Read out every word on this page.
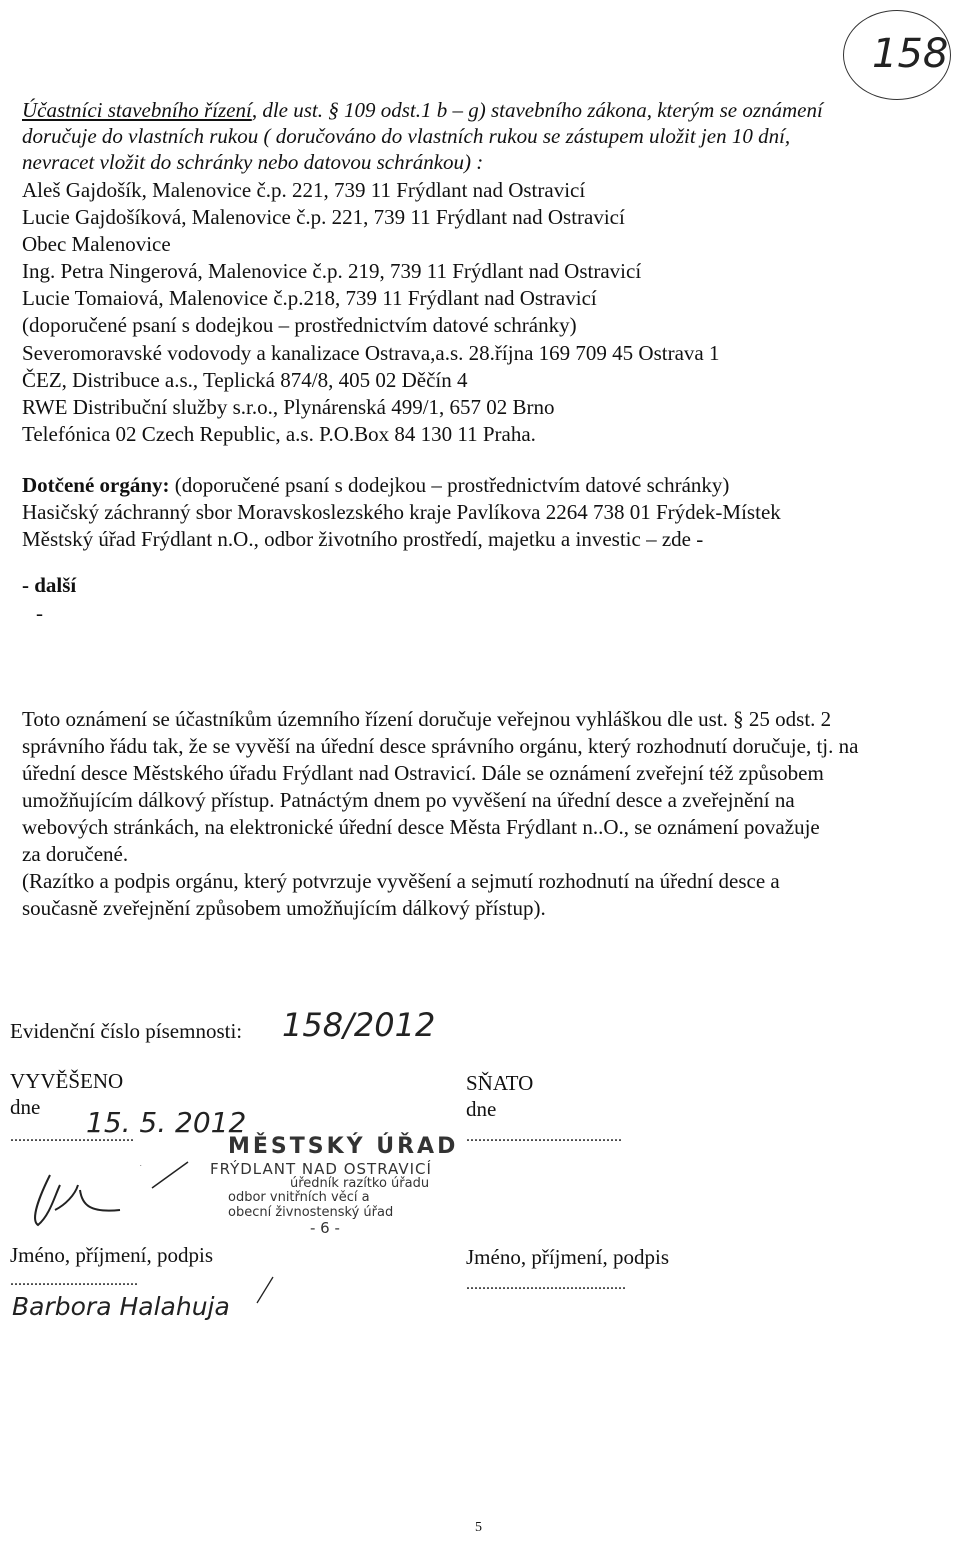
158
Účastníci stavebního řízení, dle ust. § 109 odst.1 b – g) stavebního zákona, kterým se oznámení
doručuje do vlastních rukou ( doručováno do vlastních rukou se zástupem uložit jen 10 dní,
nevracet vložit do schránky nebo datovou schránkou) :
Aleš Gajdošík, Malenovice č.p. 221, 739 11 Frýdlant nad Ostravicí
Lucie Gajdošíková, Malenovice č.p. 221, 739 11 Frýdlant nad Ostravicí
Obec Malenovice
Ing. Petra Ningerová, Malenovice č.p. 219, 739 11 Frýdlant nad Ostravicí
Lucie Tomaiová, Malenovice č.p.218, 739 11 Frýdlant nad Ostravicí
(doporučené psaní s dodejkou – prostřednictvím datové schránky)
Severomoravské vodovody a kanalizace Ostrava,a.s. 28.října 169 709 45 Ostrava 1
ČEZ, Distribuce a.s., Teplická 874/8, 405 02 Děčín 4
RWE Distribuční služby s.r.o., Plynárenská 499/1, 657 02 Brno
Telefónica 02 Czech Republic, a.s. P.O.Box 84 130 11 Praha.
Dotčené orgány: (doporučené psaní s dodejkou – prostřednictvím datové schránky)
Hasičský záchranný sbor Moravskoslezského kraje Pavlíkova 2264 738 01 Frýdek-Místek
Městský úřad Frýdlant n.O., odbor životního prostředí, majetku a investic – zde -
- další
-
Toto oznámení se účastníkům územního řízení doručuje veřejnou vyhláškou dle ust. § 25 odst. 2
správního řádu tak, že se vyvěší na úřední desce správního orgánu, který rozhodnutí doručuje, tj. na
úřední desce Městského úřadu Frýdlant nad Ostravicí. Dále se oznámení zveřejní též způsobem
umožňujícím dálkový přístup. Patnáctým dnem po vyvěšení na úřední desce a zveřejnění na
webových stránkách, na elektronické úřední desce Města Frýdlant n..O., se oznámení považuje
za doručené.
(Razítko a podpis orgánu, který potvrzuje vyvěšení a sejmutí rozhodnutí na úřední desce a
současně zveřejnění způsobem umožňujícím dálkový přístup).
Evidenční číslo písemnosti: 158/2012
VYVĚŠENO
dne 15. 5. 2012
...............................
Jméno, příjmení, podpis
................................
Barbora Halahuja
SŇATO
dne
.......................................
Jméno, příjmení, podpis
........................................
MĚSTSKÝ ÚŘAD
FRÝDLANT NAD OSTRAVICÍ
úředník razítko úřadu
odbor vnitřních věcí a
obecní živnostenský úřad
- 6 -
5
